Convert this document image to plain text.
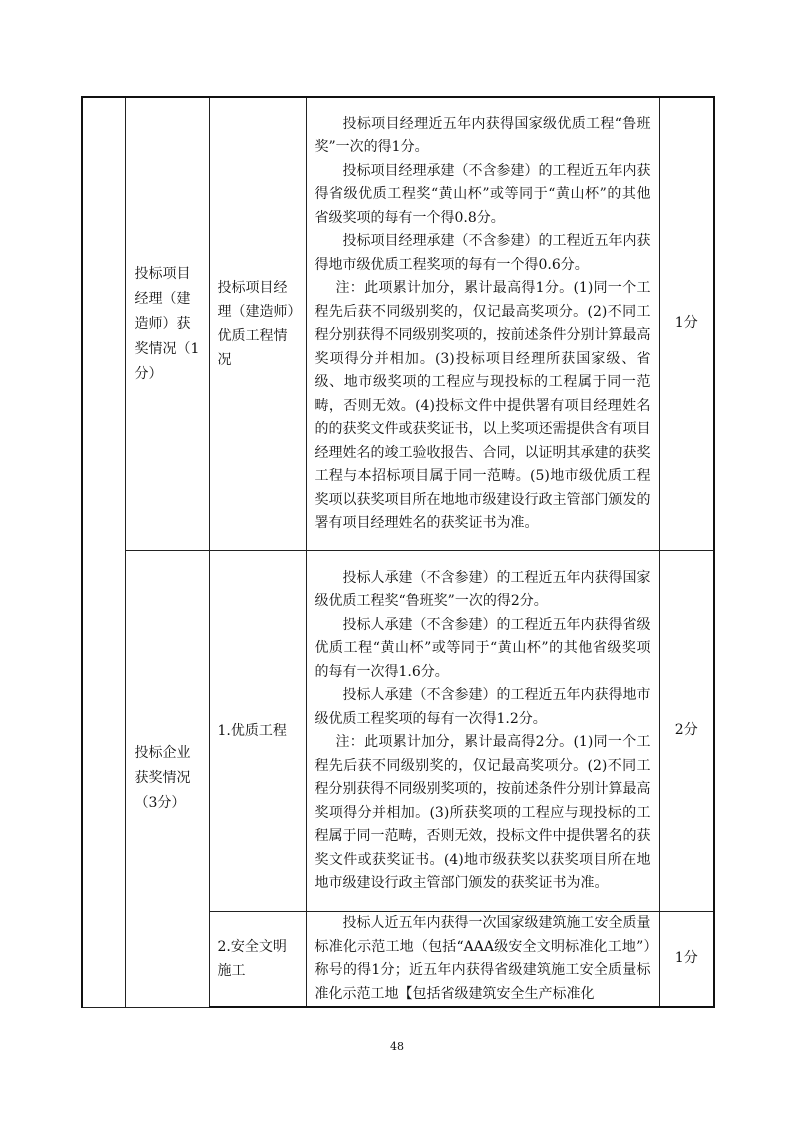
	投标项目经理（建造师）获奖情况（1分）	投标项目经理（建造师）优质工程情况	投标项目经理近五年内获得国家级优质工程“鲁班奖”一次的得1分。

投标项目经理承建（不含参建）的工程近五年内获得省级优质工程奖“黄山杯”或等同于“黄山杯”的其他省级奖项的每有一个得0.8分。

投标项目经理承建（不含参建）的工程近五年内获得地市级优质工程奖项的每有一个得0.6分。

注：此项累计加分，累计最高得1分。(1)同一个工程先后获不同级别奖的，仅记最高奖项分。(2)不同工程分别获得不同级别奖项的，按前述条件分别计算最高奖项得分并相加。(3)投标项目经理所获国家级、省级、地市级奖项的工程应与现投标的工程属于同一范畴，否则无效。(4)投标文件中提供署有项目经理姓名的的获奖文件或获奖证书，以上奖项还需提供含有项目经理姓名的竣工验收报告、合同，以证明其承建的获奖工程与本招标项目属于同一范畴。(5)地市级优质工程奖项以获奖项目所在地地市级建设行政主管部门颁发的署有项目经理姓名的获奖证书为准。	1分

	投标企业获奖情况（3分）	1.优质工程	投标人承建（不含参建）的工程近五年内获得国家级优质工程奖“鲁班奖”一次的得2分。

投标人承建（不含参建）的工程近五年内获得省级优质工程“黄山杯”或等同于“黄山杯”的其他省级奖项的每有一次得1.6分。

投标人承建（不含参建）的工程近五年内获得地市级优质工程奖项的每有一次得1.2分。

注：此项累计加分，累计最高得2分。(1)同一个工程先后获不同级别奖的，仅记最高奖项分。(2)不同工程分别获得不同级别奖项的，按前述条件分别计算最高奖项得分并相加。(3)所获奖项的工程应与现投标的工程属于同一范畴，否则无效，投标文件中提供署名的获奖文件或获奖证书。(4)地市级获奖以获奖项目所在地地市级建设行政主管部门颁发的获奖证书为准。	2分

		2.安全文明施工	投标人近五年内获得一次国家级建筑施工安全质量标准化示范工地（包括“AAA级安全文明标准化工地”）称号的得1分；近五年内获得省级建筑施工安全质量标准化示范工地【包括省级建筑安全生产标准化	1分
48
